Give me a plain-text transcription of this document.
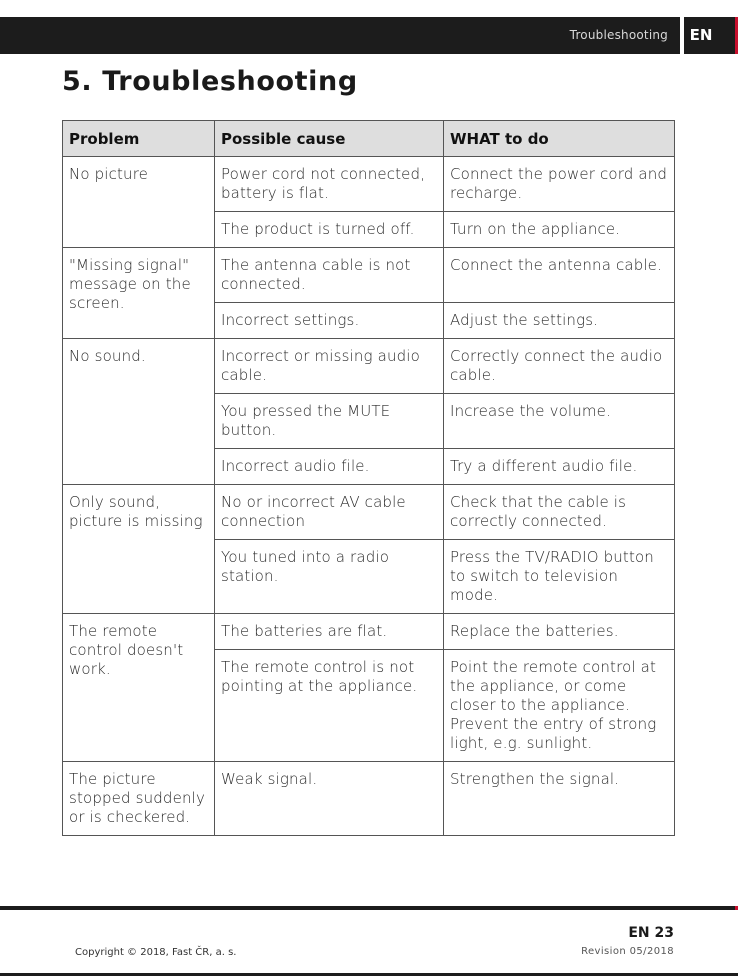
Troubleshooting EN
5. Troubleshooting
Problem	Possible cause	WHAT to do
No picture	Power cord not connected, battery is flat.	Connect the power cord and recharge.
	The product is turned off.	Turn on the appliance.
"Missing signal" message on the screen.	The antenna cable is not connected.	Connect the antenna cable.
	Incorrect settings.	Adjust the settings.
No sound.	Incorrect or missing audio cable.	Correctly connect the audio cable.
	You pressed the MUTE button.	Increase the volume.
	Incorrect audio file.	Try a different audio file.
Only sound, picture is missing	No or incorrect AV cable connection	Check that the cable is correctly connected.
	You tuned into a radio station.	Press the TV/RADIO button to switch to television mode.
The remote control doesn't work.	The batteries are flat.	Replace the batteries.
	The remote control is not pointing at the appliance.	Point the remote control at the appliance, or come closer to the appliance. Prevent the entry of strong light, e.g. sunlight.
The picture stopped suddenly or is checkered.	Weak signal.	Strengthen the signal.
EN 23
Copyright © 2018, Fast ČR, a. s.	Revision 05/2018
